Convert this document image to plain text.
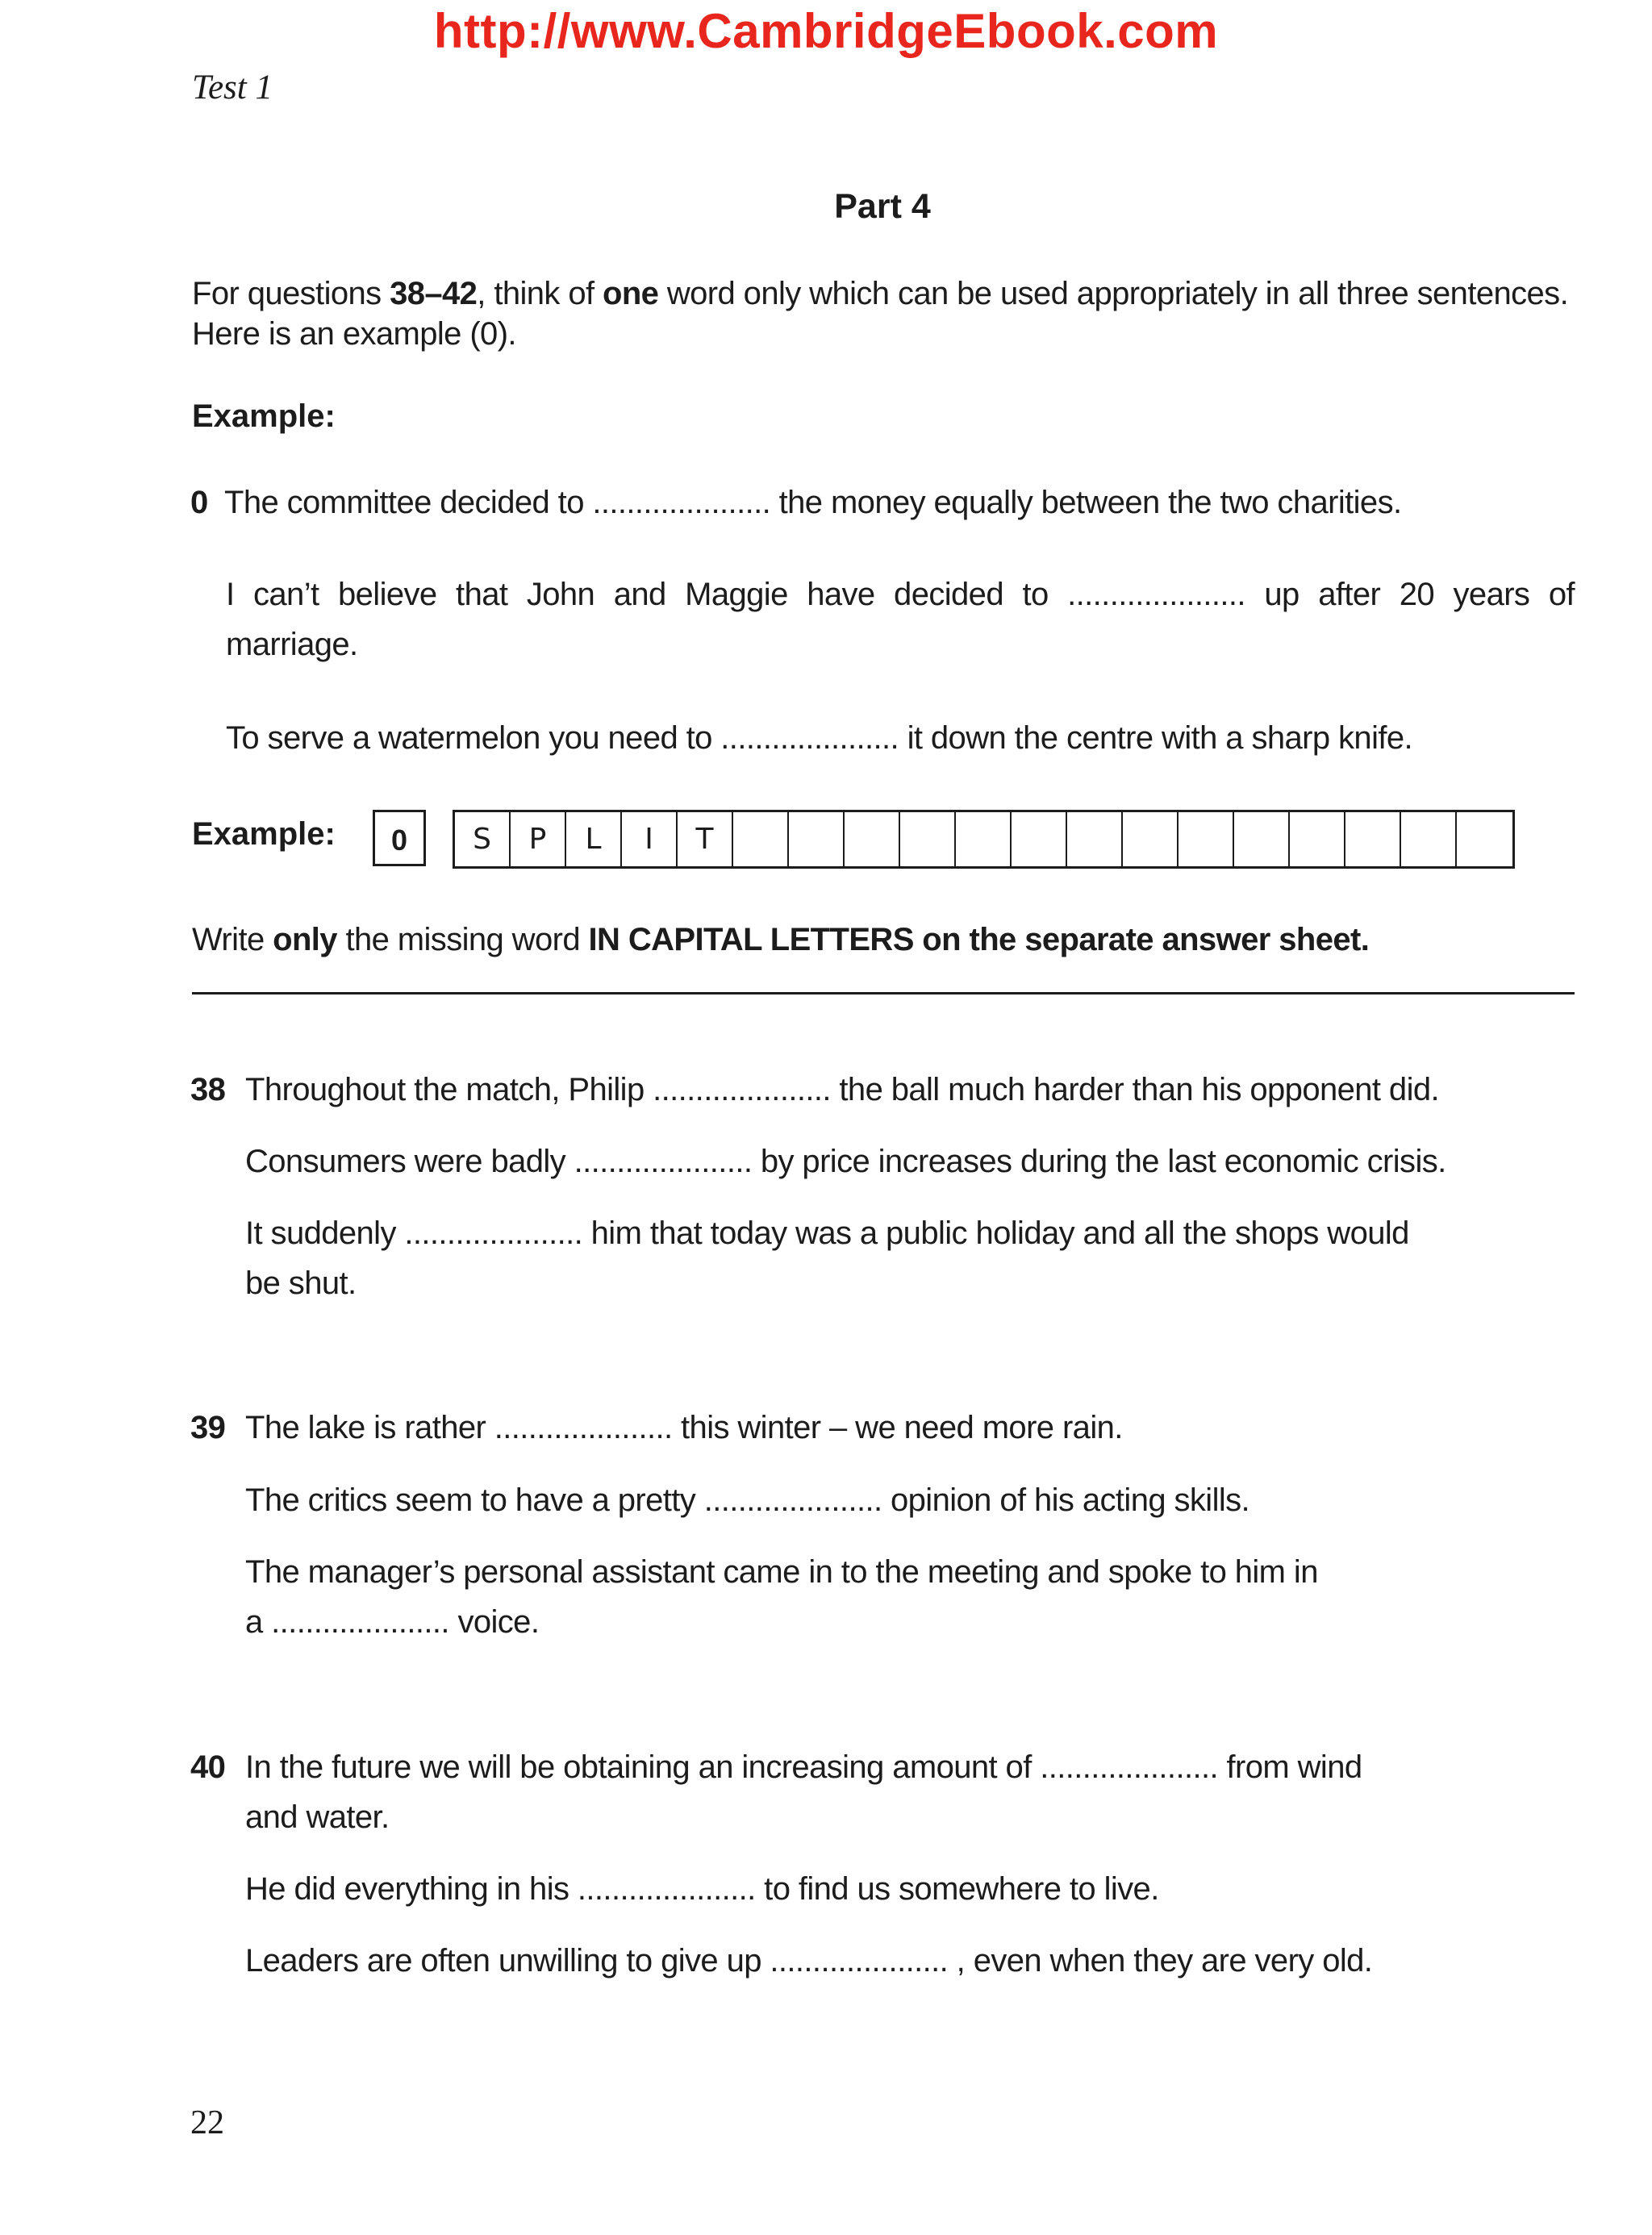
http://www.CambridgeEbook.com
Test 1
Part 4
For questions 38–42, think of one word only which can be used appropriately in all three sentences.
Here is an example (0).
Example:
0 The committee decided to ..................... the money equally between the two charities.
I can’t believe that John and Maggie have decided to ..................... up after 20 years of
marriage.
To serve a watermelon you need to ..................... it down the centre with a sharp knife.
Example:	0	S	P	L	I	T
Write only the missing word IN CAPITAL LETTERS on the separate answer sheet.
38 Throughout the match, Philip ..................... the ball much harder than his opponent did.
Consumers were badly ..................... by price increases during the last economic crisis.
It suddenly ..................... him that today was a public holiday and all the shops would
be shut.
39 The lake is rather ..................... this winter – we need more rain.
The critics seem to have a pretty ..................... opinion of his acting skills.
The manager’s personal assistant came in to the meeting and spoke to him in
a ..................... voice.
40 In the future we will be obtaining an increasing amount of ..................... from wind
and water.
He did everything in his ..................... to find us somewhere to live.
Leaders are often unwilling to give up ..................... , even when they are very old.
22
